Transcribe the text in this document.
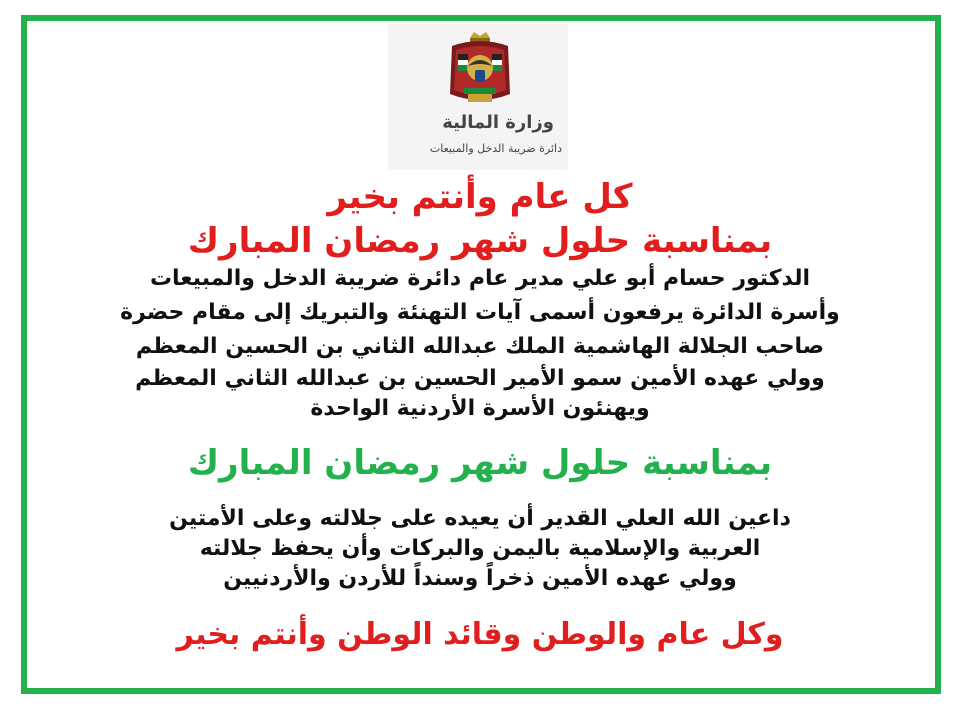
وزارة المالية
دائرة ضريبة الدخل والمبيعات
كل عام وأنتم بخير
بمناسبة حلول شهر رمضان المبارك
الدكتور حسام أبو علي مدير عام دائرة ضريبة الدخل والمبيعات
وأسرة الدائرة يرفعون أسمى آيات التهنئة والتبريك إلى مقام حضرة
صاحب الجلالة الهاشمية الملك عبدالله الثاني بن الحسين المعظم
وولي عهده الأمين سمو الأمير الحسين بن عبدالله الثاني المعظم
ويهنئون الأسرة الأردنية الواحدة
بمناسبة حلول شهر رمضان المبارك
داعين الله العلي القدير أن يعيده على جلالته وعلى الأمتين
العربية والإسلامية باليمن والبركات وأن يحفظ جلالته
وولي عهده الأمين ذخراً وسنداً للأردن والأردنيين
وكل عام والوطن وقائد الوطن وأنتم بخير
